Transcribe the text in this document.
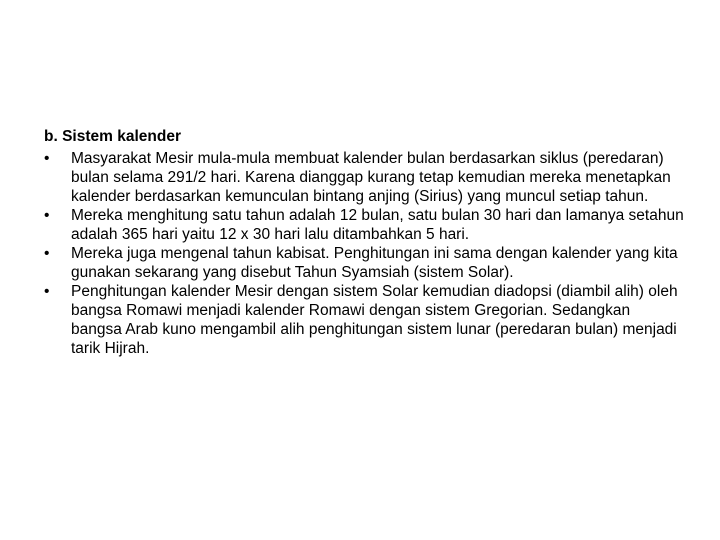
b. Sistem kalender
•	Masyarakat Mesir mula-mula membuat kalender bulan berdasarkan siklus (peredaran) bulan selama 291/2 hari. Karena dianggap kurang tetap kemudian mereka menetapkan kalender berdasarkan kemunculan bintang anjing (Sirius) yang muncul setiap tahun.
•	Mereka menghitung satu tahun adalah 12 bulan, satu bulan 30 hari dan lamanya setahun adalah 365 hari yaitu 12 x 30 hari lalu ditambahkan 5 hari.
•	Mereka juga mengenal tahun kabisat. Penghitungan ini sama dengan kalender yang kita gunakan sekarang yang disebut Tahun Syamsiah (sistem Solar).
•	Penghitungan kalender Mesir dengan sistem Solar kemudian diadopsi (diambil alih) oleh bangsa Romawi menjadi kalender Romawi dengan sistem Gregorian. Sedangkan bangsa Arab kuno mengambil alih penghitungan sistem lunar (peredaran bulan) menjadi tarik Hijrah.
